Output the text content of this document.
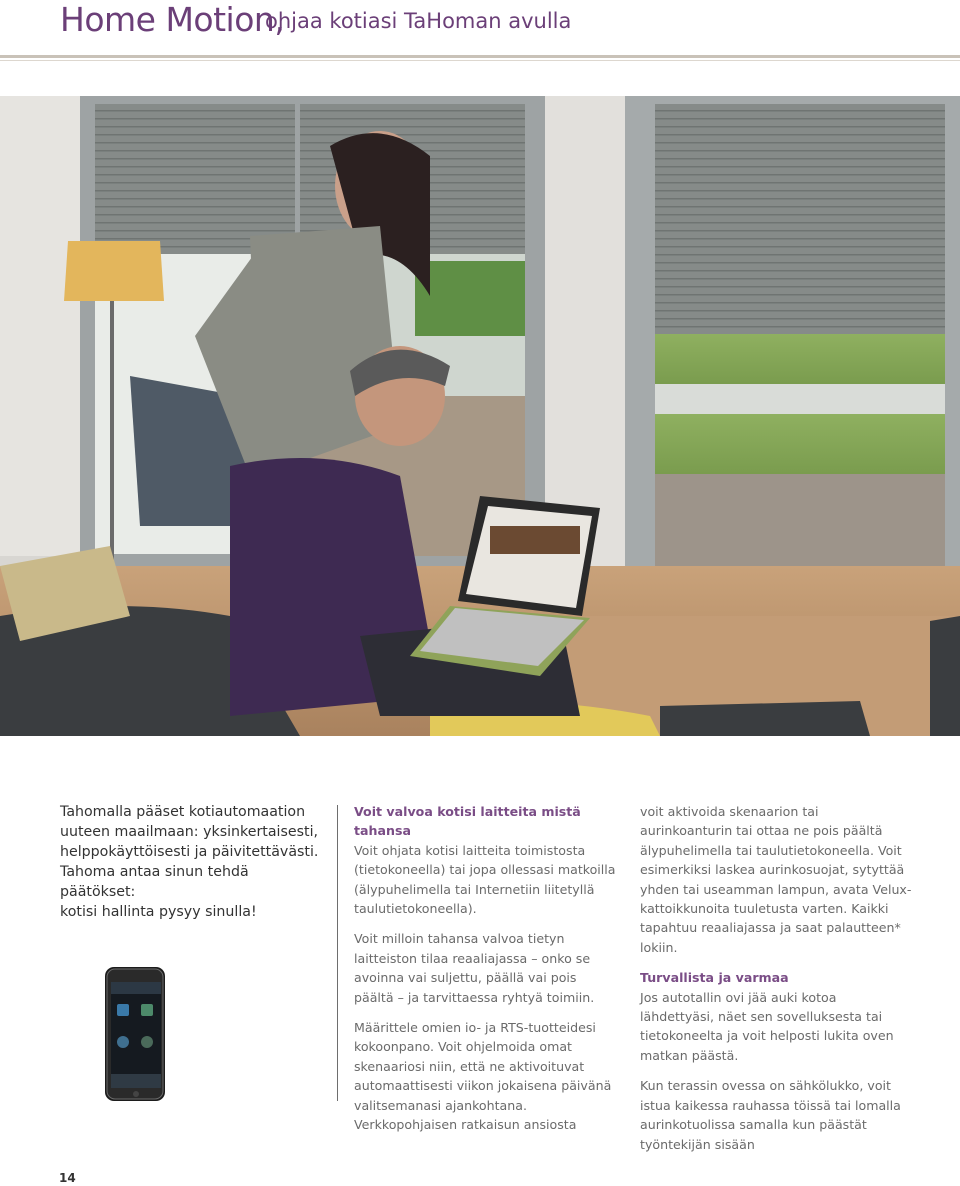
Home Motion,
ohjaa kotiasi TaHoman avulla
Tahomalla pääset kotiautomaation
uuteen maailmaan: yksinkertaisesti,
helppokäyttöisesti ja päivitettävästi.
Tahoma antaa sinun tehdä päätökset:
kotisi hallinta pysyy sinulla!

Voit valvoa kotisi laitteita mistä tahansa
Voit ohjata kotisi laitteita toimistosta (tietokoneella) tai jopa ollessasi matkoilla (älypuhelimella tai Internetiin liitetyllä taulutietokoneella).

Voit milloin tahansa valvoa tietyn laitteiston tilaa reaaliajassa – onko se avoinna vai suljettu, päällä vai pois päältä – ja tarvittaessa ryhtyä toimiin.

Määrittele omien io- ja RTS-tuotteidesi kokoonpano. Voit ohjelmoida omat skenaariosi niin, että ne aktivoituvat automaattisesti viikon jokaisena päivänä valitsemanasi ajankohtana. Verkkopohjaisen ratkaisun ansiosta

voit aktivoida skenaarion tai aurinkoanturin tai ottaa ne pois päältä älypuhelimella tai taulutietokoneella. Voit esimerkiksi laskea aurinkosuojat, sytyttää yhden tai useamman lampun, avata Velux-kattoikkunoita tuuletusta varten. Kaikki tapahtuu reaaliajassa ja saat palautteen* lokiin.

Turvallista ja varmaa
Jos autotallin ovi jää auki kotoa lähdettyäsi, näet sen sovelluksesta tai tietokoneelta ja voit helposti lukita oven matkan päästä.

Kun terassin ovessa on sähkölukko, voit istua kaikessa rauhassa töissä tai lomalla aurinkotuolissa samalla kun päästät työntekijän sisään

14
